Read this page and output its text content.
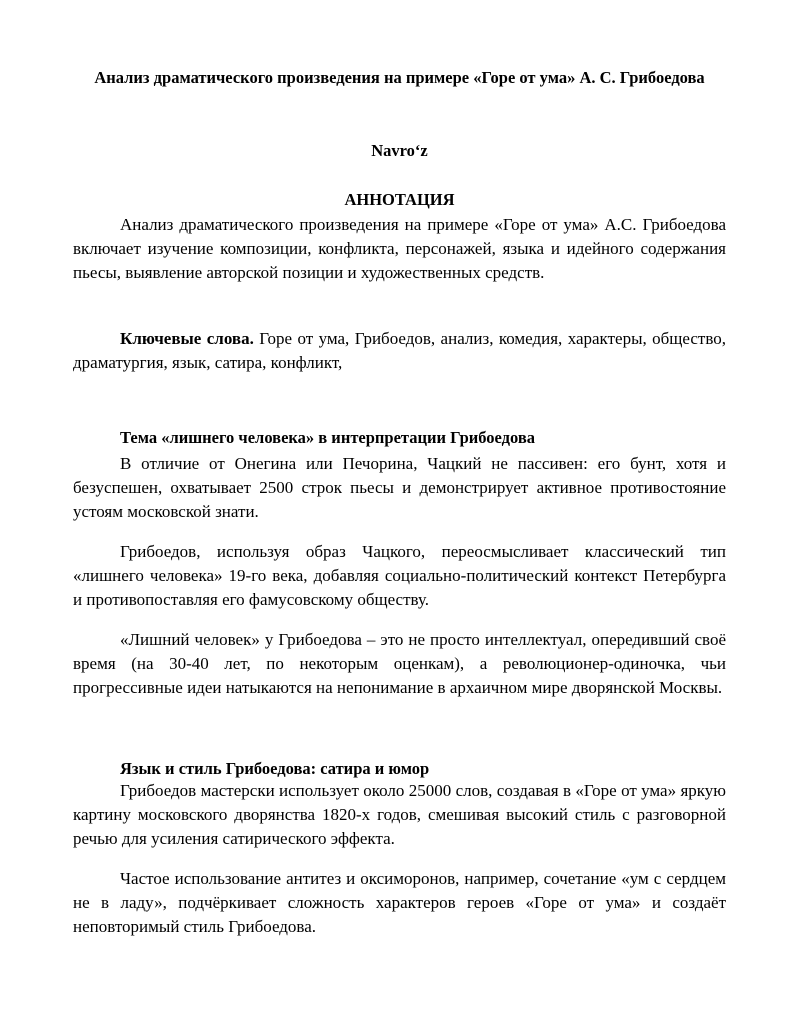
Анализ драматического произведения на примере «Горе от ума» А. С. Грибоедова
Navro‘z
АННОТАЦИЯ

Анализ драматического произведения на примере «Горе от ума» А.С. Грибоедова включает изучение композиции, конфликта, персонажей, языка и идейного содержания пьесы, выявление авторской позиции и художественных средств.

Ключевые слова. Горе от ума, Грибоедов, анализ, комедия, характеры, общество, драматургия, язык, сатира, конфликт,

Тема «лишнего человека» в интерпретации Грибоедова

В отличие от Онегина или Печорина, Чацкий не пассивен: его бунт, хотя и безуспешен, охватывает 2500 строк пьесы и демонстрирует активное противостояние устоям московской знати.

Грибоедов, используя образ Чацкого, переосмысливает классический тип «лишнего человека» 19-го века, добавляя социально-политический контекст Петербурга и противопоставляя его фамусовскому обществу.

«Лишний человек» у Грибоедова – это не просто интеллектуал, опередивший своё время (на 30-40 лет, по некоторым оценкам), а революционер-одиночка, чьи прогрессивные идеи натыкаются на непонимание в архаичном мире дворянской Москвы.

Язык и стиль Грибоедова: сатира и юмор

Грибоедов мастерски использует около 25000 слов, создавая в «Горе от ума» яркую картину московского дворянства 1820-х годов, смешивая высокий стиль с разговорной речью для усиления сатирического эффекта.

Частое использование антитез и оксиморонов, например, сочетание «ум с сердцем не в ладу», подчёркивает сложность характеров героев «Горе от ума» и создаёт неповторимый стиль Грибоедова.
